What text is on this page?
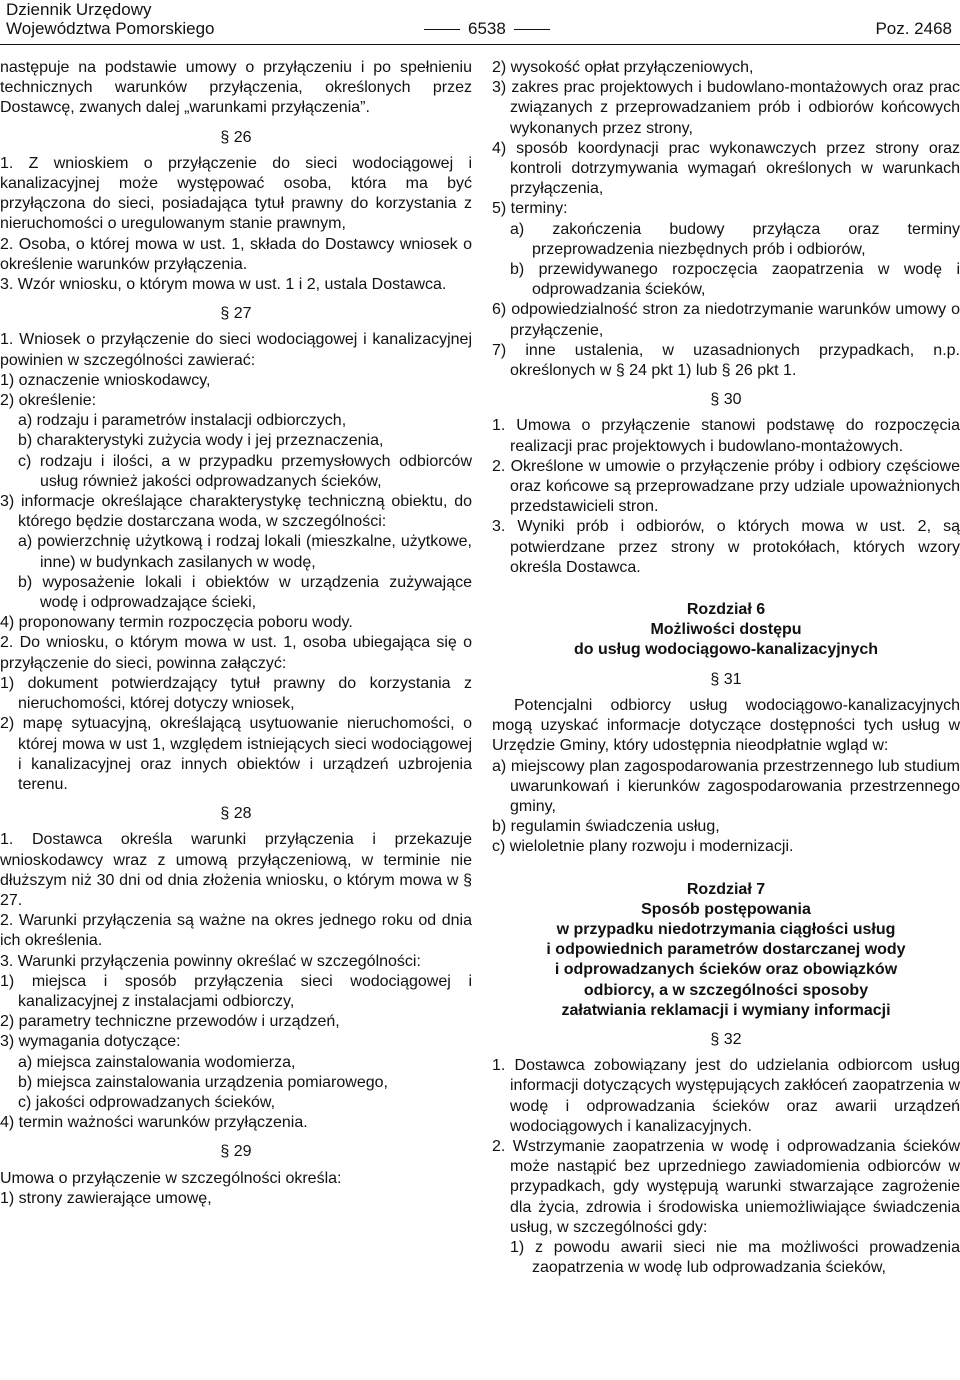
Dziennik Urzędowy
Województwa Pomorskiego	6538	Poz. 2468

następuje na podstawie umowy o przyłączeniu i po spełnieniu technicznych warunków przyłączenia, określonych przez Dostawcę, zwanych dalej „warunkami przyłączenia”.

§ 26

1. Z wnioskiem o przyłączenie do sieci wodociągowej i kanalizacyjnej może występować osoba, która ma być przyłączona do sieci, posiadająca tytuł prawny do korzystania z nieruchomości o uregulowanym stanie prawnym,

2. Osoba, o której mowa w ust. 1, składa do Dostawcy wniosek o określenie warunków przyłączenia.

3. Wzór wniosku, o którym mowa w ust. 1 i 2, ustala Dostawca.

§ 27

1. Wniosek o przyłączenie do sieci wodociągowej i kanalizacyjnej powinien w szczególności zawierać:

1) oznaczenie wnioskodawcy,

2) określenie:

a) rodzaju i parametrów instalacji odbiorczych,

b) charakterystyki zużycia wody i jej przeznaczenia,

c) rodzaju i ilości, a w przypadku przemysłowych odbiorców usług również jakości odprowadzanych ścieków,

3) informacje określające charakterystykę techniczną obiektu, do którego będzie dostarczana woda, w szczególności:

a) powierzchnię użytkową i rodzaj lokali (mieszkalne, użytkowe, inne) w budynkach zasilanych w wodę,

b) wyposażenie lokali i obiektów w urządzenia zużywające wodę i odprowadzające ścieki,

4) proponowany termin rozpoczęcia poboru wody.

2. Do wniosku, o którym mowa w ust. 1, osoba ubiegająca się o przyłączenie do sieci, powinna załączyć:

1) dokument potwierdzający tytuł prawny do korzystania z nieruchomości, której dotyczy wniosek,

2) mapę sytuacyjną, określającą usytuowanie nieruchomości, o której mowa w ust 1, względem istniejących sieci wodociągowej i kanalizacyjnej oraz innych obiektów i urządzeń uzbrojenia terenu.

§ 28

1. Dostawca określa warunki przyłączenia i przekazuje wnioskodawcy wraz z umową przyłączeniową, w terminie nie dłuższym niż 30 dni od dnia złożenia wniosku, o którym mowa w § 27.

2. Warunki przyłączenia są ważne na okres jednego roku od dnia ich określenia.

3. Warunki przyłączenia powinny określać w szczególności:

1) miejsca i sposób przyłączenia sieci wodociągowej i kanalizacyjnej z instalacjami odbiorczy,

2) parametry techniczne przewodów i urządzeń,

3) wymagania dotyczące:

a) miejsca zainstalowania wodomierza,

b) miejsca zainstalowania urządzenia pomiarowego,

c) jakości odprowadzanych ścieków,

4) termin ważności warunków przyłączenia.

§ 29

Umowa o przyłączenie w szczególności określa:

1) strony zawierające umowę,

2) wysokość opłat przyłączeniowych,

3) zakres prac projektowych i budowlano-montażowych oraz prac związanych z przeprowadzaniem prób i odbiorów końcowych wykonanych przez strony,

4) sposób koordynacji prac wykonawczych przez strony oraz kontroli dotrzymywania wymagań określonych w warunkach przyłączenia,

5) terminy:

a) zakończenia budowy przyłącza oraz terminy przeprowadzenia niezbędnych prób i odbiorów,

b) przewidywanego rozpoczęcia zaopatrzenia w wodę i odprowadzania ścieków,

6) odpowiedzialność stron za niedotrzymanie warunków umowy o przyłączenie,

7) inne ustalenia, w uzasadnionych przypadkach, n.p. określonych w § 24 pkt 1) lub § 26 pkt 1.

§ 30

1. Umowa o przyłączenie stanowi podstawę do rozpoczęcia realizacji prac projektowych i budowlano-montażowych.

2. Określone w umowie o przyłączenie próby i odbiory częściowe oraz końcowe są przeprowadzane przy udziale upoważnionych przedstawicieli stron.

3. Wyniki prób i odbiorów, o których mowa w ust. 2, są potwierdzane przez strony w protokółach, których wzory określa Dostawca.

Rozdział 6
Możliwości dostępu
do usług wodociągowo-kanalizacyjnych
§ 31

Potencjalni odbiorcy usług wodociągowo-kanalizacyjnych mogą uzyskać informacje dotyczące dostępności tych usług w Urzędzie Gminy, który udostępnia nieodpłatnie wgląd w:

a) miejscowy plan zagospodarowania przestrzennego lub studium uwarunkowań i kierunków zagospodarowania przestrzennego gminy,

b) regulamin świadczenia usług,

c) wieloletnie plany rozwoju i modernizacji.

Rozdział 7
Sposób postępowania
w przypadku niedotrzymania ciągłości usług
i odpowiednich parametrów dostarczanej wody
i odprowadzanych ścieków oraz obowiązków
odbiorcy, a w szczególności sposoby
załatwiania reklamacji i wymiany informacji
§ 32

1. Dostawca zobowiązany jest do udzielania odbiorcom usług informacji dotyczących występujących zakłóceń zaopatrzenia w wodę i odprowadzania ścieków oraz awarii urządzeń wodociągowych i kanalizacyjnych.

2. Wstrzymanie zaopatrzenia w wodę i odprowadzania ścieków może nastąpić bez uprzedniego zawiadomienia odbiorców w przypadkach, gdy występują warunki stwarzające zagrożenie dla życia, zdrowia i środowiska uniemożliwiające świadczenia usług, w szczególności gdy:

1) z powodu awarii sieci nie ma możliwości prowadzenia zaopatrzenia w wodę lub odprowadzania ścieków,
